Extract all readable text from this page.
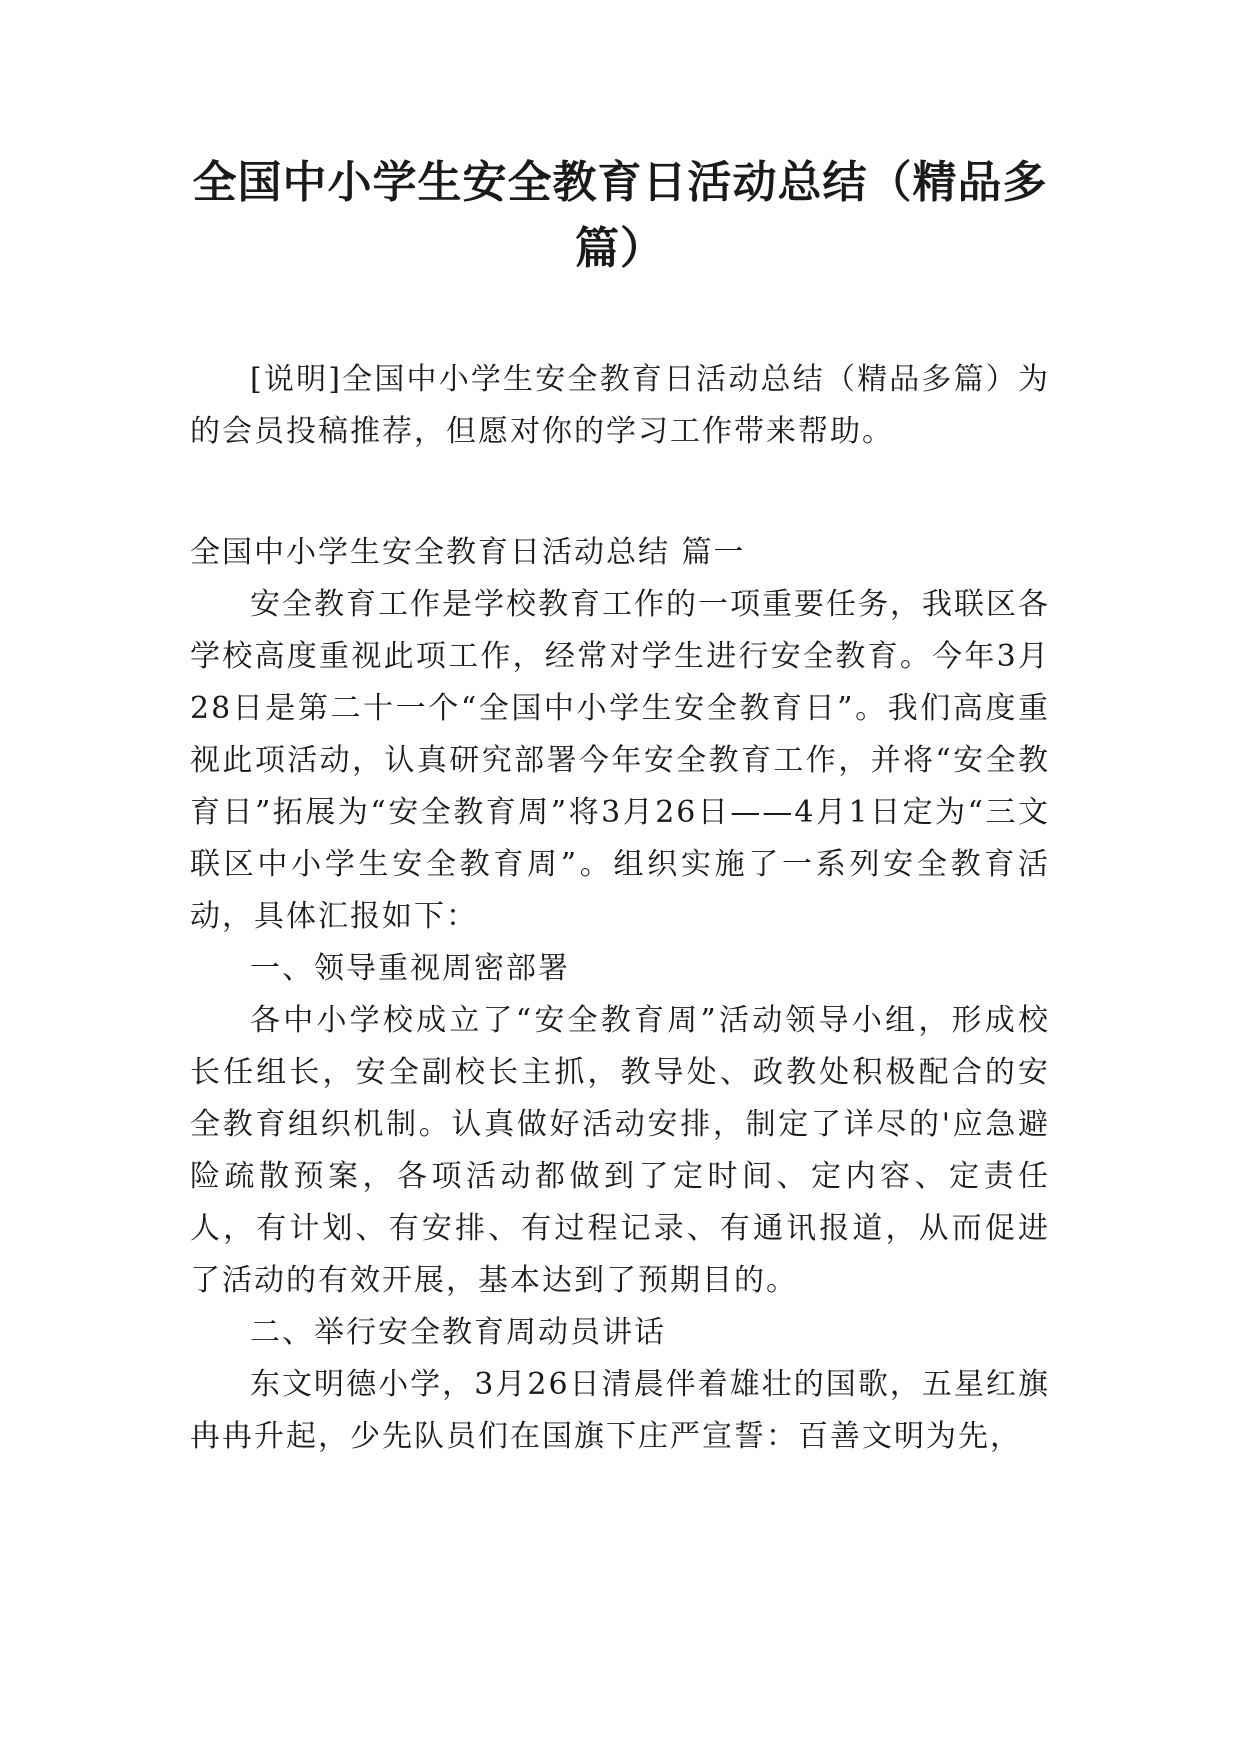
全国中小学生安全教育日活动总结（精品多
篇）

[说明]全国中小学生安全教育日活动总结（精品多篇）为的会员投稿推荐，但愿对你的学习工作带来帮助。

全国中小学生安全教育日活动总结 篇一

安全教育工作是学校教育工作的一项重要任务，我联区各学校高度重视此项工作，经常对学生进行安全教育。今年3月28日是第二十一个“全国中小学生安全教育日”。我们高度重视此项活动，认真研究部署今年安全教育工作，并将“安全教育日”拓展为“安全教育周”将3月26日——4月1日定为“三文联区中小学生安全教育周”。组织实施了一系列安全教育活动，具体汇报如下：

一、领导重视周密部署

各中小学校成立了“安全教育周”活动领导小组，形成校长任组长，安全副校长主抓，教导处、政教处积极配合的安全教育组织机制。认真做好活动安排，制定了详尽的'应急避险疏散预案，各项活动都做到了定时间、定内容、定责任人，有计划、有安排、有过程记录、有通讯报道，从而促进了活动的有效开展，基本达到了预期目的。

二、举行安全教育周动员讲话

东文明德小学，3月26日清晨伴着雄壮的国歌，五星红旗冉冉升起，少先队员们在国旗下庄严宣誓：百善文明为先，
